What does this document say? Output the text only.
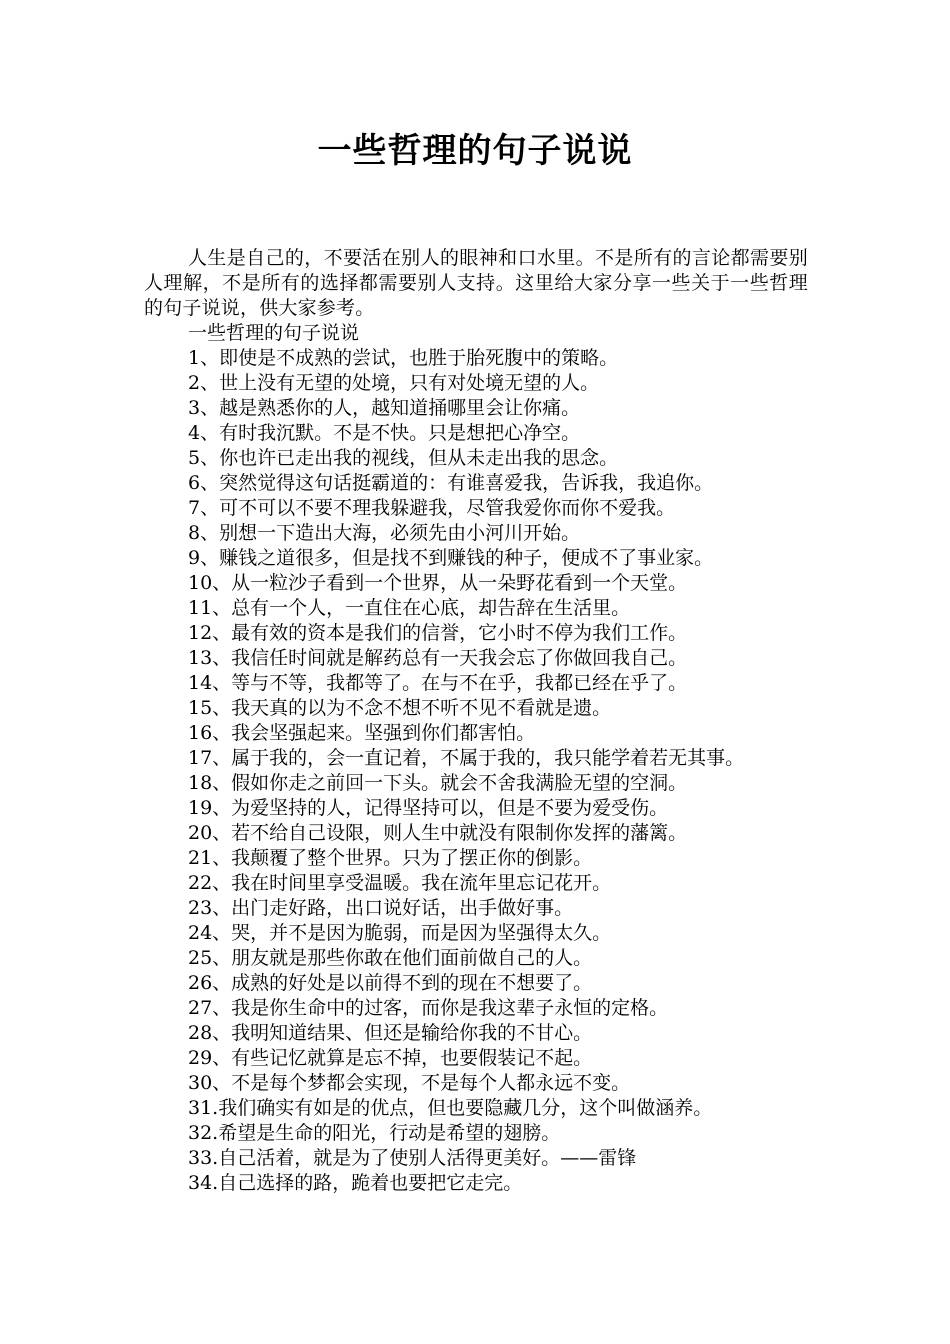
一些哲理的句子说说

人生是自己的，不要活在别人的眼神和口水里。不是所有的言论都需要别人理解，不是所有的选择都需要别人支持。这里给大家分享一些关于一些哲理的句子说说，供大家参考。

一些哲理的句子说说

1、即使是不成熟的尝试，也胜于胎死腹中的策略。

2、世上没有无望的处境，只有对处境无望的人。

3、越是熟悉你的人，越知道捅哪里会让你痛。

4、有时我沉默。不是不快。只是想把心净空。

5、你也许已走出我的视线，但从未走出我的思念。

6、突然觉得这句话挺霸道的：有谁喜爱我，告诉我，我追你。

7、可不可以不要不理我躲避我，尽管我爱你而你不爱我。

8、别想一下造出大海，必须先由小河川开始。

9、赚钱之道很多，但是找不到赚钱的种子，便成不了事业家。

10、从一粒沙子看到一个世界，从一朵野花看到一个天堂。

11、总有一个人，一直住在心底，却告辞在生活里。

12、最有效的资本是我们的信誉，它小时不停为我们工作。

13、我信任时间就是解药总有一天我会忘了你做回我自己。

14、等与不等，我都等了。在与不在乎，我都已经在乎了。

15、我天真的以为不念不想不听不见不看就是遗。

16、我会坚强起来。坚强到你们都害怕。

17、属于我的，会一直记着，不属于我的，我只能学着若无其事。

18、假如你走之前回一下头。就会不舍我满脸无望的空洞。

19、为爱坚持的人，记得坚持可以，但是不要为爱受伤。

20、若不给自己设限，则人生中就没有限制你发挥的藩篱。

21、我颠覆了整个世界。只为了摆正你的倒影。

22、我在时间里享受温暖。我在流年里忘记花开。

23、出门走好路，出口说好话，出手做好事。

24、哭，并不是因为脆弱，而是因为坚强得太久。

25、朋友就是那些你敢在他们面前做自己的人。

26、成熟的好处是以前得不到的现在不想要了。

27、我是你生命中的过客，而你是我这辈子永恒的定格。

28、我明知道结果、但还是输给你我的不甘心。

29、有些记忆就算是忘不掉，也要假装记不起。

30、不是每个梦都会实现，不是每个人都永远不变。

31.我们确实有如是的优点，但也要隐藏几分，这个叫做涵养。

32.希望是生命的阳光，行动是希望的翅膀。

33.自己活着，就是为了使别人活得更美好。——雷锋

34.自己选择的路，跪着也要把它走完。
